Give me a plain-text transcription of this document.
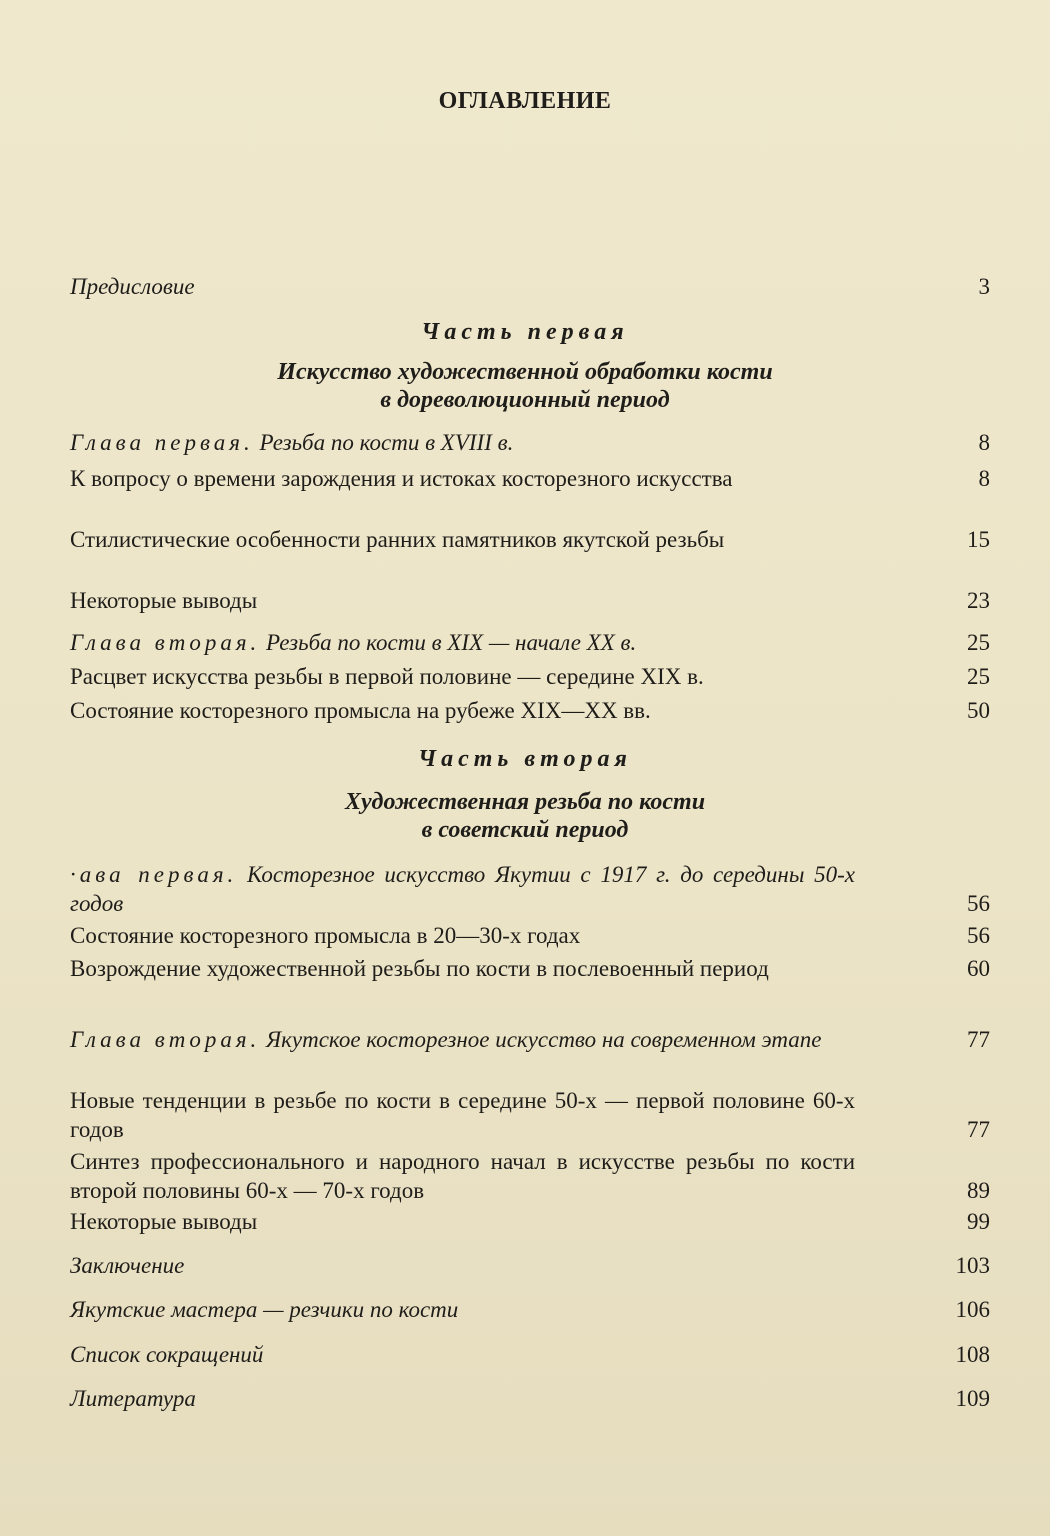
ОГЛАВЛЕНИЕ
Предисловие	3
Часть первая
Искусство художественной обработки кости
в дореволюционный период
Глава первая. Резьба по кости в XVIII в.	8
К вопросу о времени зарождения и истоках косторезного искусства	8
Стилистические особенности ранних памятников якутской резьбы	15
Некоторые выводы	23
Глава вторая. Резьба по кости в XIX — начале XX в.	25
Расцвет искусства резьбы в первой половине — середине XIX в.	25
Состояние косторезного промысла на рубеже XIX—XX вв.	50
Часть вторая
Художественная резьба по кости
в советский период
·ава первая. Косторезное искусство Якутии с 1917 г. до середины 50-х годов	56
Состояние косторезного промысла в 20—30-х годах	56
Возрождение художественной резьбы по кости в послевоенный период	60
Глава вторая. Якутское косторезное искусство на современном этапе	77
Новые тенденции в резьбе по кости в середине 50-х — первой половине 60-х годов	77
Синтез профессионального и народного начал в искусстве резьбы по кости второй половины 60-х — 70-х годов	89
Некоторые выводы	99
Заключение	103
Якутские мастера — резчики по кости	106
Список сокращений	108
Литература	109
